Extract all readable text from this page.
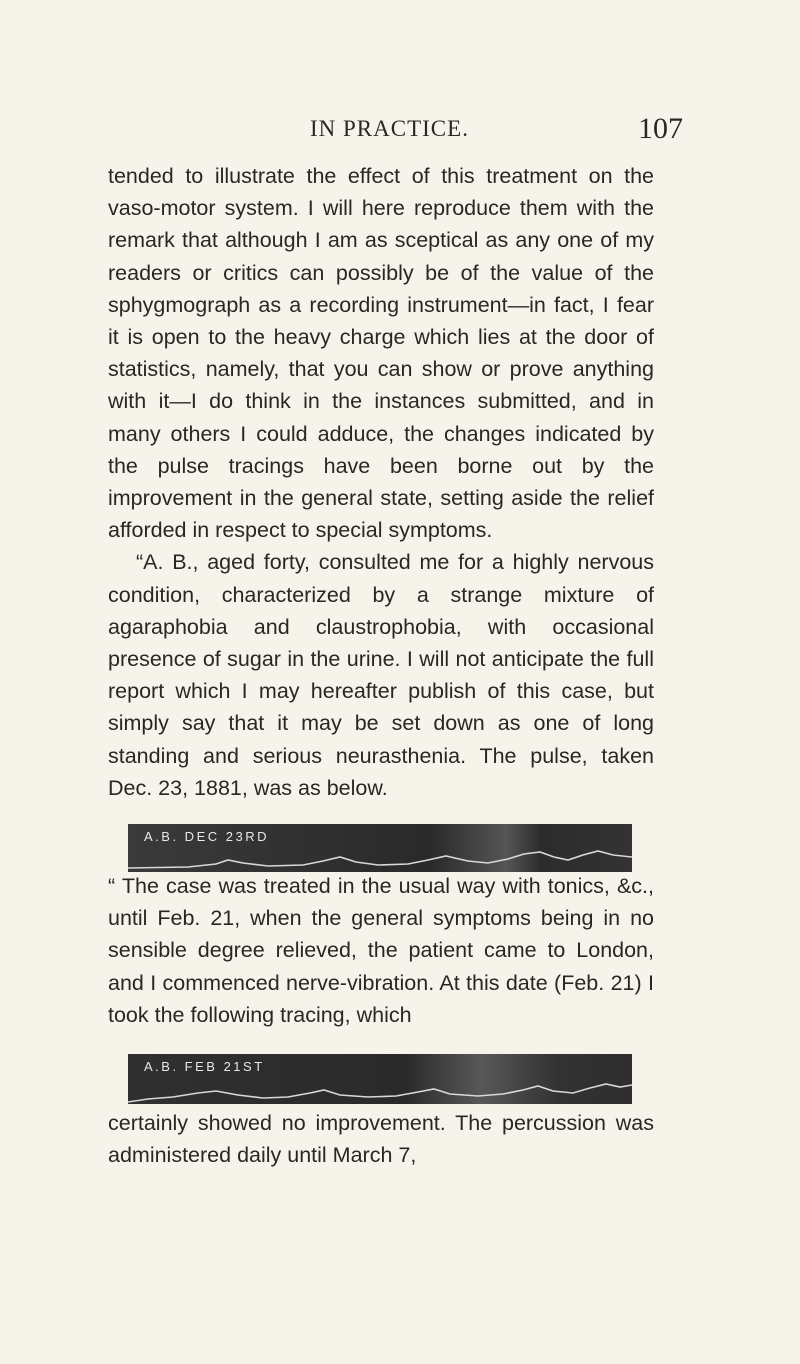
IN PRACTICE.	107

tended to illustrate the effect of this treatment on the vaso-motor system. I will here reproduce them with the remark that although I am as sceptical as any one of my readers or critics can possibly be of the value of the sphygmograph as a recording instrument—in fact, I fear it is open to the heavy charge which lies at the door of statistics, namely, that you can show or prove anything with it—I do think in the instances submitted, and in many others I could adduce, the changes indicated by the pulse tracings have been borne out by the improvement in the general state, setting aside the relief afforded in respect to special symptoms.

“A. B., aged forty, consulted me for a highly nervous condition, characterized by a strange mixture of agaraphobia and claustrophobia, with occasional presence of sugar in the urine. I will not anticipate the full report which I may hereafter publish of this case, but simply say that it may be set down as one of long standing and serious neurasthenia. The pulse, taken Dec. 23, 1881, was as below.

A.B. DEC 23RD

“ The case was treated in the usual way with tonics, &c., until Feb. 21, when the general symptoms being in no sensible degree relieved, the patient came to London, and I commenced nerve-vibration. At this date (Feb. 21) I took the following tracing, which

A.B. FEB 21ST

certainly showed no improvement. The percussion was administered daily until March 7,
